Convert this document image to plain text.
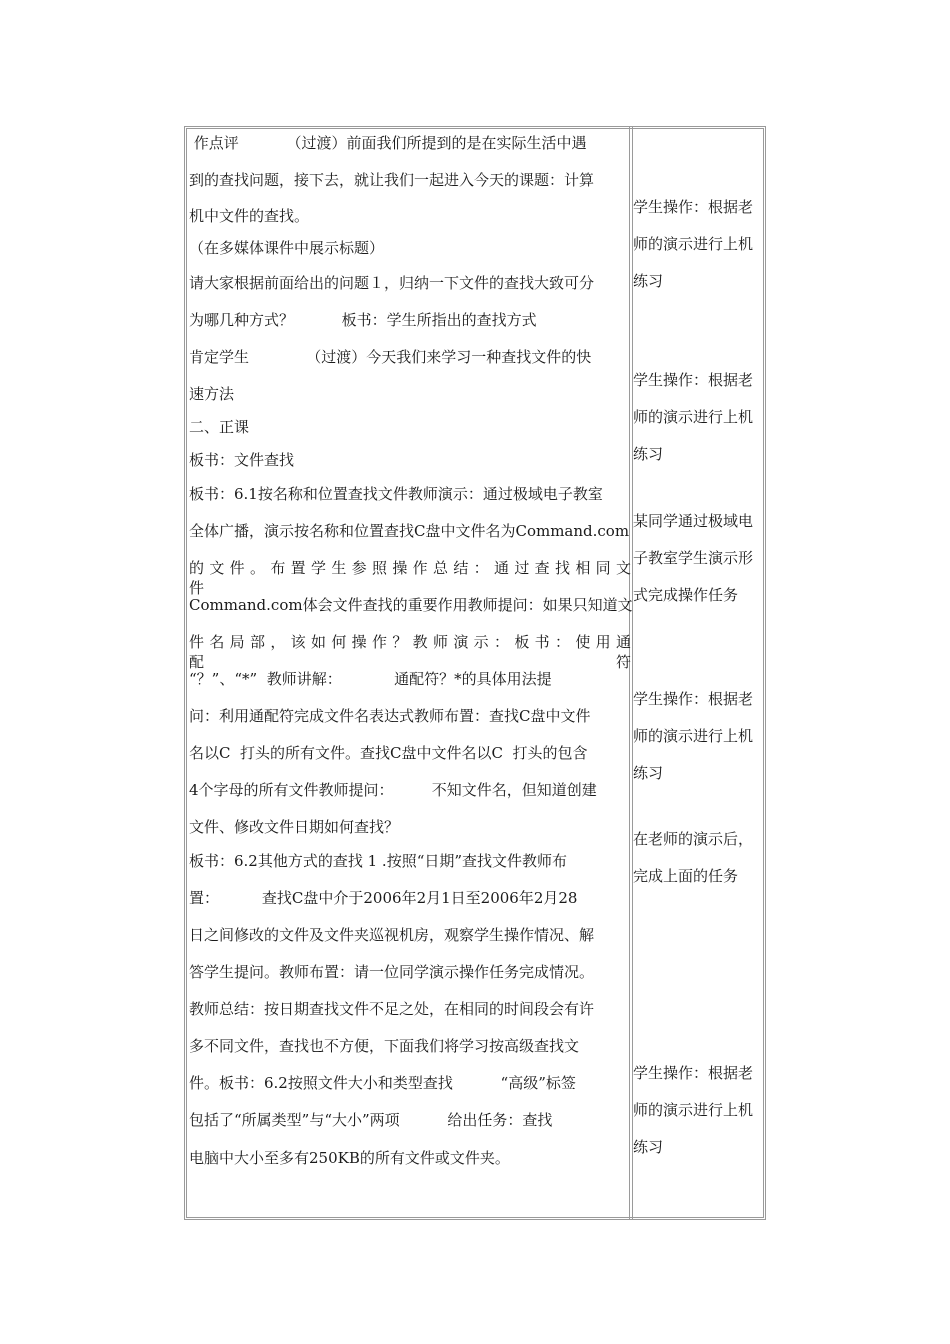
作点评          （过渡）前面我们所提到的是在实际生活中遇
到的查找问题，接下去，就让我们一起进入今天的课题：计算
机中文件的查找。
（在多媒体课件中展示标题）
请大家根据前面给出的问题１，归纳一下文件的查找大致可分
为哪几种方式？          板书：学生所指出的查找方式
肯定学生            （过渡）今天我们来学习一种查找文件的快
速方法
二、正课
板书：文件查找
板书：6.1按名称和位置查找文件教师演示：通过极域电子教室
全体广播，演示按名称和位置查找C盘中文件名为Command.com
的 文 件 。 布 置 学 生 参 照 操 作 总 结 ： 通 过 查 找 相 同 文 件
Command.com体会文件查找的重要作用教师提问：如果只知道文
件 名 局 部 ， 该 如 何 操 作 ？ 教 师 演 示 ： 板 书 ： 使 用 通 配 符
“？”、“*”  教师讲解：           通配符？*的具体用法提
问：利用通配符完成文件名表达式教师布置：查找C盘中文件
名以C  打头的所有文件。查找C盘中文件名以C  打头的包含
4个字母的所有文件教师提问：        不知文件名，但知道创建
文件、修改文件日期如何查找？
板书：6.2其他方式的查找 1 .按照“日期”查找文件教师布
置：         查找C盘中介于2006年2月1日至2006年2月28
日之间修改的文件及文件夹巡视机房，观察学生操作情况、解
答学生提问。教师布置：请一位同学演示操作任务完成情况。
教师总结：按日期查找文件不足之处，在相同的时间段会有许
多不同文件，查找也不方便，下面我们将学习按高级查找文
件。板书：6.2按照文件大小和类型查找          “高级”标签
包括了“所属类型”与“大小”两项          给出任务：查找
电脑中大小至多有250KB的所有文件或文件夹。
学生操作：根据老
师的演示进行上机
练习
学生操作：根据老
师的演示进行上机
练习
某同学通过极域电
子教室学生演示形
式完成操作任务
学生操作：根据老
师的演示进行上机
练习
在老师的演示后，
完成上面的任务
学生操作：根据老
师的演示进行上机
练习
